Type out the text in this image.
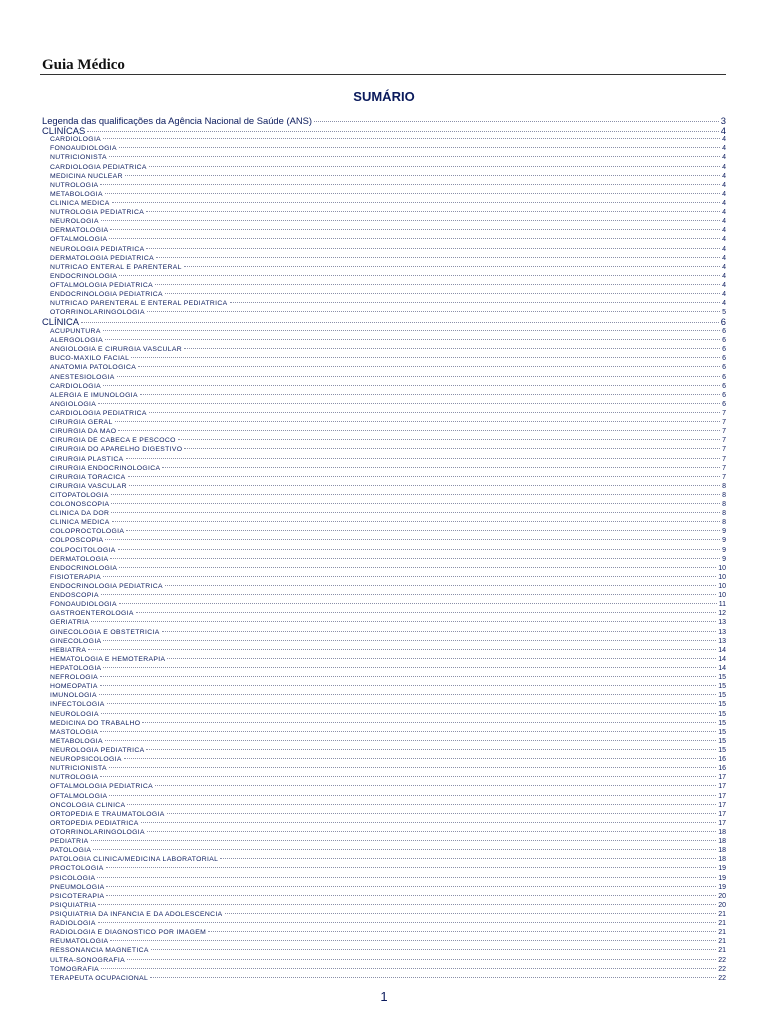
Guia Médico
SUMÁRIO
Legenda das qualificações da Agência Nacional de Saúde (ANS)	3
CLINÍCAS	4
CARDIOLOGIA	4
FONOAUDIOLOGIA	4
NUTRICIONISTA	4
CARDIOLOGIA PEDIATRICA	4
MEDICINA NUCLEAR	4
NUTROLOGIA	4
METABOLOGIA	4
CLINICA MEDICA	4
NUTROLOGIA PEDIATRICA	4
NEUROLOGIA	4
DERMATOLOGIA	4
OFTALMOLOGIA	4
NEUROLOGIA PEDIATRICA	4
DERMATOLOGIA PEDIATRICA	4
NUTRICAO ENTERAL E PARENTERAL	4
ENDOCRINOLOGIA	4
OFTALMOLOGIA PEDIATRICA	4
ENDOCRINOLOGIA PEDIATRICA	4
NUTRICAO PARENTERAL E ENTERAL PEDIATRICA	4
OTORRINOLARINGOLOGIA	5
CLÍNICA	6
ACUPUNTURA	6
ALERGOLOGIA	6
ANGIOLOGIA E CIRURGIA VASCULAR	6
BUCO-MAXILO FACIAL	6
ANATOMIA PATOLOGICA	6
ANESTESIOLOGIA	6
CARDIOLOGIA	6
ALERGIA E IMUNOLOGIA	6
ANGIOLOGIA	6
CARDIOLOGIA PEDIATRICA	7
CIRURGIA GERAL	7
CIRURGIA DA MAO	7
CIRURGIA DE CABECA E PESCOCO	7
CIRURGIA DO APARELHO DIGESTIVO	7
CIRURGIA PLASTICA	7
CIRURGIA ENDOCRINOLOGICA	7
CIRURGIA TORACICA	7
CIRURGIA VASCULAR	8
CITOPATOLOGIA	8
COLONOSCOPIA	8
CLINICA DA DOR	8
CLINICA MEDICA	8
COLOPROCTOLOGIA	9
COLPOSCOPIA	9
COLPOCITOLOGIA	9
DERMATOLOGIA	9
ENDOCRINOLOGIA	10
FISIOTERAPIA	10
ENDOCRINOLOGIA PEDIATRICA	10
ENDOSCOPIA	10
FONOAUDIOLOGIA	11
GASTROENTEROLOGIA	12
GERIATRIA	13
GINECOLOGIA E OBSTETRICIA	13
GINECOLOGIA	13
HEBIATRA	14
HEMATOLOGIA E HEMOTERAPIA	14
HEPATOLOGIA	14
NEFROLOGIA	15
HOMEOPATIA	15
IMUNOLOGIA	15
INFECTOLOGIA	15
NEUROLOGIA	15
MEDICINA DO TRABALHO	15
MASTOLOGIA	15
METABOLOGIA	15
NEUROLOGIA PEDIATRICA	15
NEUROPSICOLOGIA	16
NUTRICIONISTA	16
NUTROLOGIA	17
OFTALMOLOGIA PEDIATRICA	17
OFTALMOLOGIA	17
ONCOLOGIA CLINICA	17
ORTOPEDIA E TRAUMATOLOGIA	17
ORTOPEDIA PEDIATRICA	17
OTORRINOLARINGOLOGIA	18
PEDIATRIA	18
PATOLOGIA	18
PATOLOGIA CLINICA/MEDICINA LABORATORIAL	18
PROCTOLOGIA	19
PSICOLOGIA	19
PNEUMOLOGIA	19
PSICOTERAPIA	20
PSIQUIATRIA	20
PSIQUIATRIA DA INFANCIA E DA ADOLESCENCIA	21
RADIOLOGIA	21
RADIOLOGIA E DIAGNOSTICO POR IMAGEM	21
REUMATOLOGIA	21
RESSONANCIA MAGNETICA	21
ULTRA-SONOGRAFIA	22
TOMOGRAFIA	22
TERAPEUTA OCUPACIONAL	22
1
